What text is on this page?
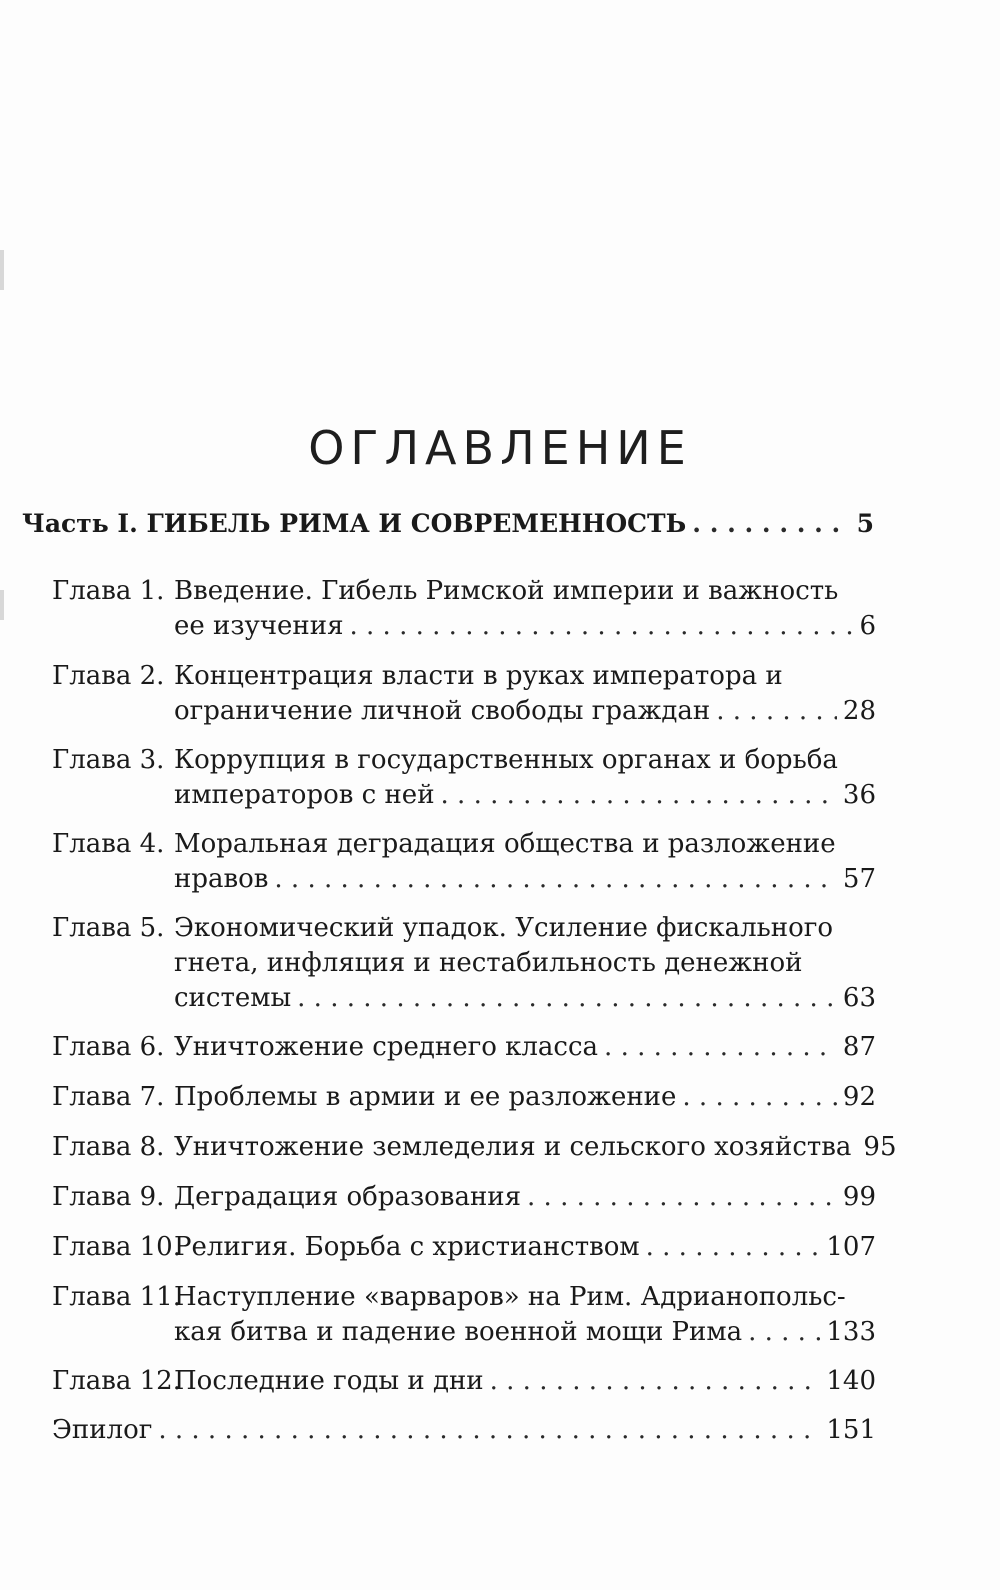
ОГЛАВЛЕНИЕ
Часть I.
ГИБЕЛЬ РИМА И СОВРЕМЕННОСТЬ . . .	5
Глава 1. Введение. Гибель Римской империи и важность
ее изучения . . .	6
Глава 2. Концентрация власти в руках императора и
ограничение личной свободы граждан . . .	28
Глава 3. Коррупция в государственных органах и борьба
императоров с ней . . .	36
Глава 4. Моральная деградация общества и разложение
нравов . . .	57
Глава 5. Экономический упадок. Усиление фискального
гнета, инфляция и нестабильность денежной
системы . . .	63
Глава 6. Уничтожение среднего класса . . .	87
Глава 7. Проблемы в армии и ее разложение . . .	92
Глава 8. Уничтожение земледелия и сельского хозяйства 95
Глава 9. Деградация образования . . .	99
Глава 10.
Религия. Борьба с христианством . . .	107
Глава 11.
Наступление «варваров» на Рим. Адрианопольс-
кая битва и падение военной мощи Рима . . .	133
Глава 12.
Последние годы и дни . . .	140
Эпилог . . .	151
